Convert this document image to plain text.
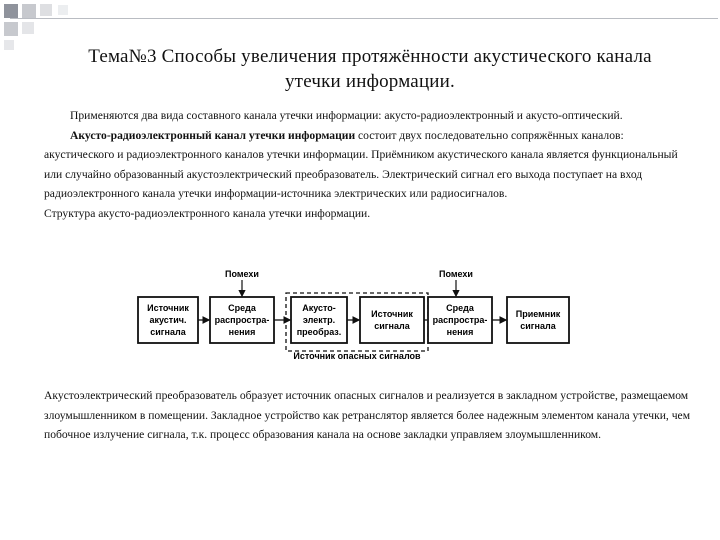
Тема№3 Способы увеличения протяжённости акустического канала
утечки информации.
Применяются два вида составного канала утечки информации: акусто-радиоэлектронный и акусто-оптический.
Акусто-радиоэлектронный канал утечки информации состоит двух последовательно сопряжённых каналов: акустического и радиоэлектронного каналов утечки информации. Приёмником акустического канала является функциональный или случайно образованный акустоэлектрический преобразователь. Электрический сигнал его выхода поступает на вход радиоэлектронного канала утечки информации-источника электрических или радиосигналов.
Структура акусто-радиоэлектронного канала утечки информации.
Помехи	Помехи
Источник опасных сигналов
Источник
акустич.
сигнала
Среда
распростра-
нения
Акусто-
электр.
преобраз.
Источник
сигнала
Среда
распростра-
нения
Приемник
сигнала
Акустоэлектрический преобразователь образует источник опасных сигналов и реализуется в закладном устройстве, размещаемом злоумышленником в помещении. Закладное устройство как ретранслятор является более надежным элементом канала утечки, чем побочное излучение сигнала, т.к. процесс образования канала на основе закладки управляем злоумышленником.
